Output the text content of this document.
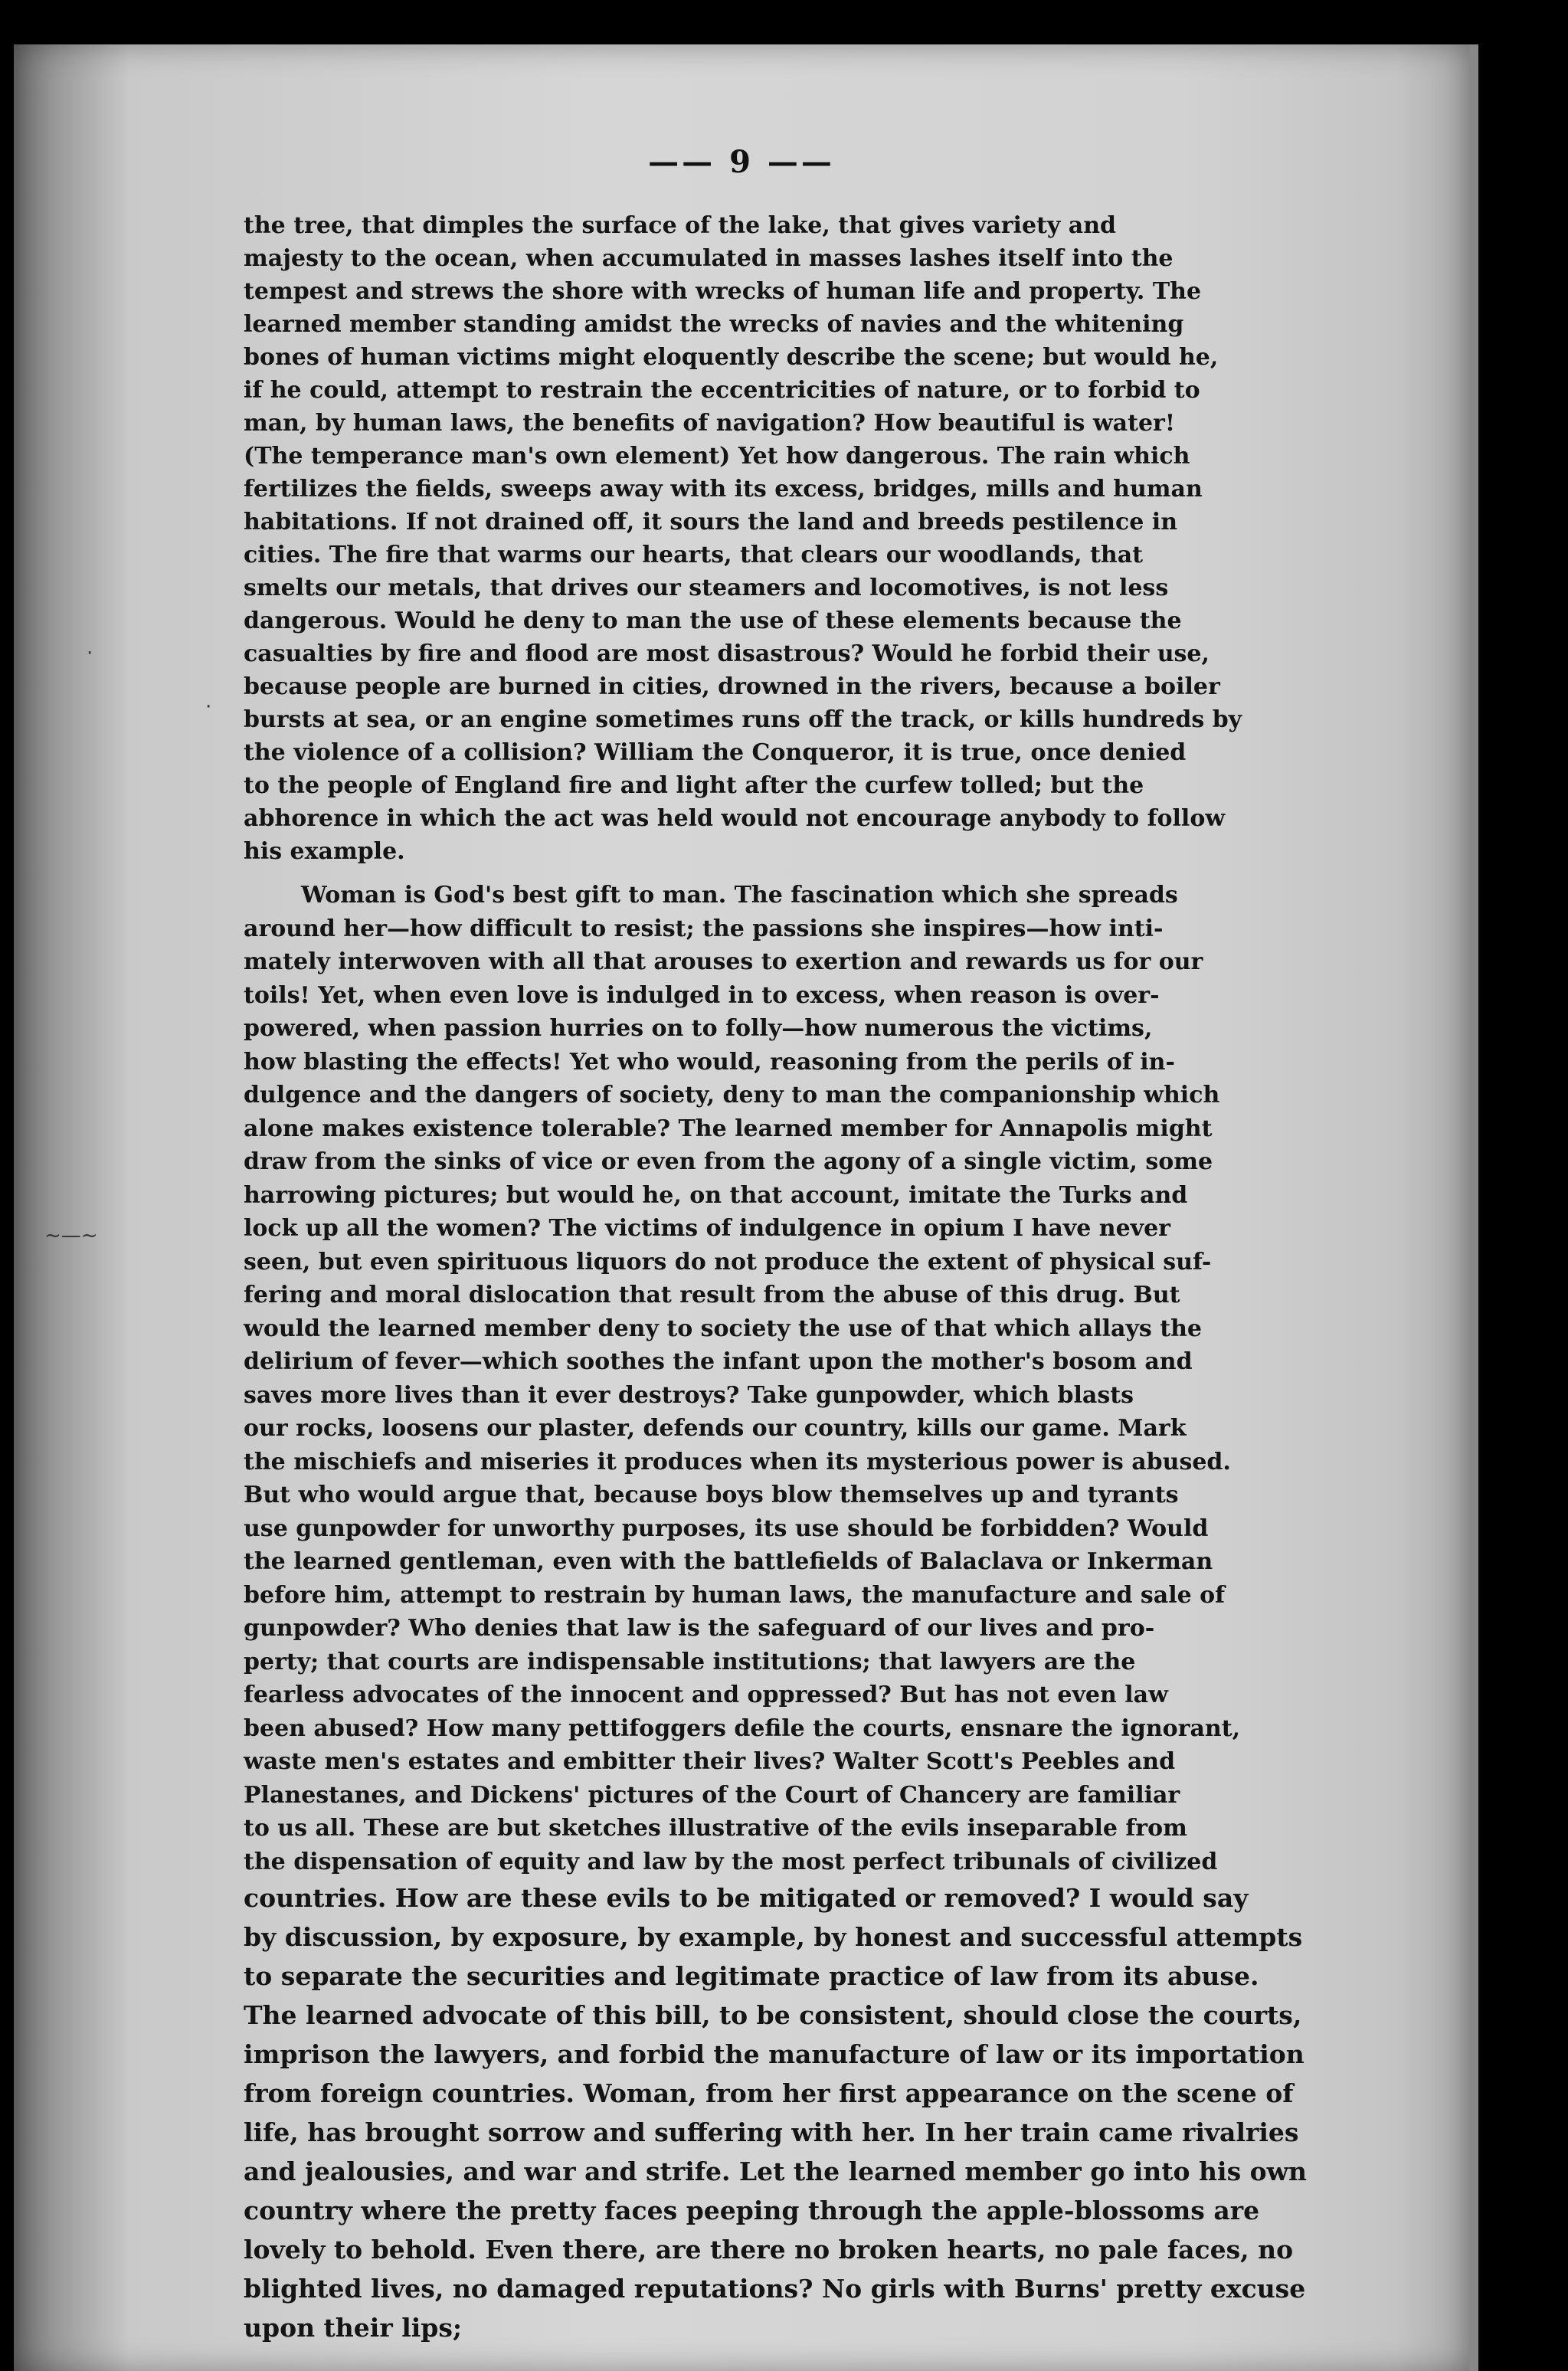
—— 9 ——
the tree, that dimples the surface of the lake, that gives variety and
majesty to the ocean, when accumulated in masses lashes itself into the
tempest and strews the shore with wrecks of human life and property. The
learned member standing amidst the wrecks of navies and the whitening
bones of human victims might eloquently describe the scene; but would he,
if he could, attempt to restrain the eccentricities of nature, or to forbid to
man, by human laws, the benefits of navigation? How beautiful is water!
(The temperance man's own element) Yet how dangerous. The rain which
fertilizes the fields, sweeps away with its excess, bridges, mills and human
habitations. If not drained off, it sours the land and breeds pestilence in
cities. The fire that warms our hearts, that clears our woodlands, that
smelts our metals, that drives our steamers and locomotives, is not less
dangerous. Would he deny to man the use of these elements because the
casualties by fire and flood are most disastrous? Would he forbid their use,
because people are burned in cities, drowned in the rivers, because a boiler
bursts at sea, or an engine sometimes runs off the track, or kills hundreds by
the violence of a collision? William the Conqueror, it is true, once denied
to the people of England fire and light after the curfew tolled; but the
abhorence in which the act was held would not encourage anybody to follow
his example.
Woman is God's best gift to man. The fascination which she spreads
around her—how difficult to resist; the passions she inspires—how inti-
mately interwoven with all that arouses to exertion and rewards us for our
toils! Yet, when even love is indulged in to excess, when reason is over-
powered, when passion hurries on to folly—how numerous the victims,
how blasting the effects! Yet who would, reasoning from the perils of in-
dulgence and the dangers of society, deny to man the companionship which
alone makes existence tolerable? The learned member for Annapolis might
draw from the sinks of vice or even from the agony of a single victim, some
harrowing pictures; but would he, on that account, imitate the Turks and
lock up all the women? The victims of indulgence in opium I have never
seen, but even spirituous liquors do not produce the extent of physical suf-
fering and moral dislocation that result from the abuse of this drug. But
would the learned member deny to society the use of that which allays the
delirium of fever—which soothes the infant upon the mother's bosom and
saves more lives than it ever destroys? Take gunpowder, which blasts
our rocks, loosens our plaster, defends our country, kills our game. Mark
the mischiefs and miseries it produces when its mysterious power is abused.
But who would argue that, because boys blow themselves up and tyrants
use gunpowder for unworthy purposes, its use should be forbidden? Would
the learned gentleman, even with the battlefields of Balaclava or Inkerman
before him, attempt to restrain by human laws, the manufacture and sale of
gunpowder? Who denies that law is the safeguard of our lives and pro-
perty; that courts are indispensable institutions; that lawyers are the
fearless advocates of the innocent and oppressed? But has not even law
been abused? How many pettifoggers defile the courts, ensnare the ignorant,
waste men's estates and embitter their lives? Walter Scott's Peebles and
Planestanes, and Dickens' pictures of the Court of Chancery are familiar
to us all. These are but sketches illustrative of the evils inseparable from
the dispensation of equity and law by the most perfect tribunals of civilized
countries. How are these evils to be mitigated or removed? I would say
by discussion, by exposure, by example, by honest and successful attempts
to separate the securities and legitimate practice of law from its abuse.
The learned advocate of this bill, to be consistent, should close the courts,
imprison the lawyers, and forbid the manufacture of law or its importation
from foreign countries. Woman, from her first appearance on the scene of
life, has brought sorrow and suffering with her. In her train came rivalries
and jealousies, and war and strife. Let the learned member go into his own
country where the pretty faces peeping through the apple-blossoms are
lovely to behold. Even there, are there no broken hearts, no pale faces, no
blighted lives, no damaged reputations? No girls with Burns' pretty excuse
upon their lips;
·
·
~—~
